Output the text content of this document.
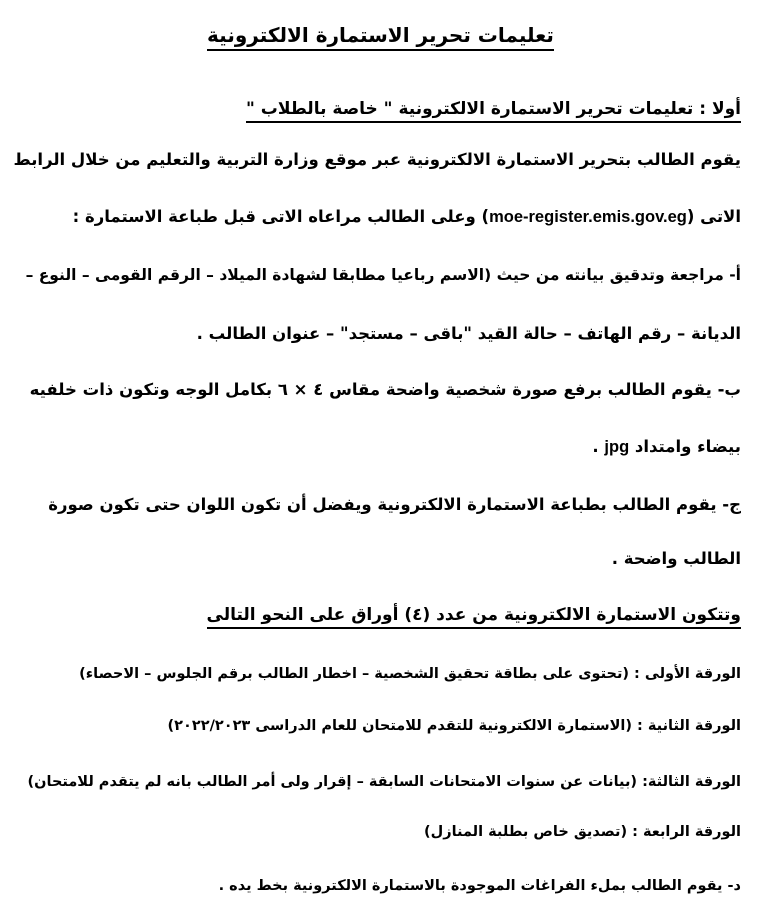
تعليمات تحرير الاستمارة الالكترونية
أولا : تعليمات تحرير الاستمارة الالكترونية " خاصة بالطلاب "
يقوم الطالب بتحرير الاستمارة الالكترونية عبر موقع وزارة التربية والتعليم من خلال الرابط
الاتى (moe-register.emis.gov.eg) وعلى الطالب مراعاه الاتى قبل طباعة الاستمارة :
أ- مراجعة وتدقيق بيانته من حيث (الاسم رباعيا مطابقا لشهادة الميلاد – الرقم القومى – النوع –
الديانة – رقم الهاتف – حالة القيد "باقى – مستجد" – عنوان الطالب .
ب- يقوم الطالب برفع صورة شخصية واضحة مقاس ٤ × ٦ بكامل الوجه وتكون ذات خلفيه
بيضاء وامتداد jpg .
ج- يقوم الطالب بطباعة الاستمارة الالكترونية ويفضل أن تكون اللوان حتى تكون صورة
الطالب واضحة .
وتتكون الاستمارة الالكترونية من عدد (٤) أوراق على النحو التالى
الورقة الأولى : (تحتوى على بطاقة تحقيق الشخصية – اخطار الطالب برقم الجلوس – الاحصاء)
الورقة الثانية : (الاستمارة الالكترونية للتقدم للامتحان للعام الدراسى ٢٠٢٢/٢٠٢٣)
الورقة الثالثة: (بيانات عن سنوات الامتحانات السابقة – إقرار ولى أمر الطالب بانه لم يتقدم للامتحان)
الورقة الرابعة : (تصديق خاص بطلبة المنازل)
د- يقوم الطالب بملء الفراغات الموجودة بالاستمارة الالكترونية بخط يده .
